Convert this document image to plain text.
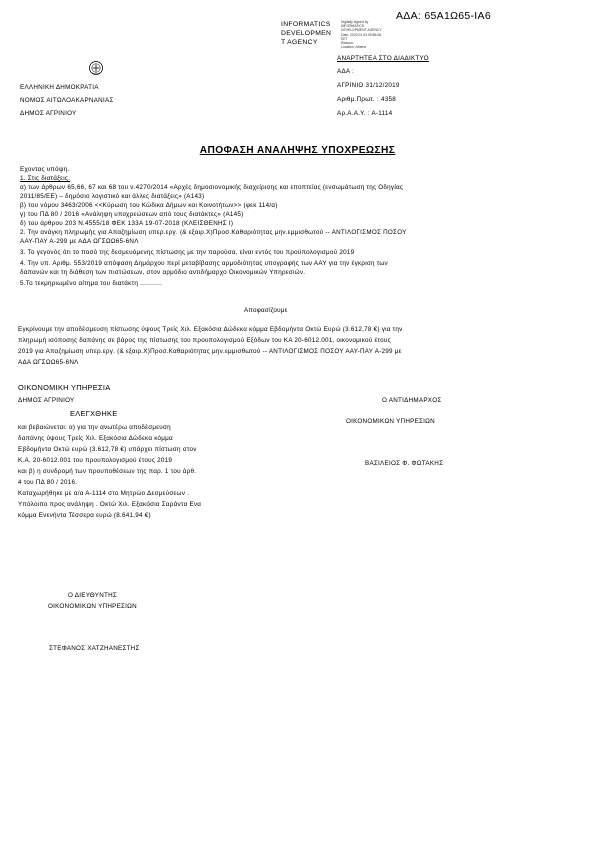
ΑΔΑ: 65Α1Ω65-ΙΑ6
INFORMATICS
DEVELOPMEN
T AGENCY
Digitally signed by
INFORMATICS
DEVELOPMENT AGENCY
Date: 2020.01.03 09:56:06
EET
Reason:
Location: Athens
ΑΝΑΡΤΗΤΕΑ ΣΤΟ ΔΙΑΔΙΚΤΥΟ
ΑΔΑ :
ΕΛΛΗΝΙΚΗ ΔΗΜΟΚΡΑΤΙΑ
ΝΟΜΟΣ ΑΙΤΩΛΟΑΚΑΡΝΑΝΙΑΣ
ΔΗΜΟΣ ΑΓΡΙΝΙΟΥ
ΑΓΡΙΝΙΟ 31/12/2019
Αριθμ.Πρωτ. : 4358
Αρ.Α.Α.Υ. : Α-1114
ΑΠΟΦΑΣΗ ΑΝΑΛΗΨΗΣ ΥΠΟΧΡΕΩΣΗΣ
Εχοντας υπόψη.
1. Στις διατάξεις.
α) των άρθρων 65,66, 67 και 68 του ν.4270/2014 «Αρχές δημοσιονομικής διαχείρισης και εποπτείας (ενσωμάτωση της Οδηγίας
2011/85/ΕΕ) – δημόσιο λογιστικό και άλλες διατάξεις» (Α143)
β) του νόμου 3463/2006 <<Κύρωση του Κώδικα Δήμων και Κοινοτήτων>> (φεκ 114/α)
γ) του ΠΔ 80 / 2016 «Ανάληψη υποχρεώσεων από τους διατάκτες» (Α145)
δ) του άρθρου 203 Ν.4555/18 ΦΕΚ 133Α 19-07-2018 (ΚΛΕΙΣΘΕΝΗΣ Ι)
2. Την ανάγκη πληρωμής για Απαζημίωση υπερ.εργ. (& εξαιρ.Χ)Προσ.Καθαριότητας μην.εμμισθωτού -- ΑΝΤΙΛΟΓΙΣΜΟΣ ΠΟΣΟΥ
ΑΑΥ-ΠΑΥ Α-299 με ΑΔΑ ΩΓΣΩΩ65-6ΝΛ
3. Το γεγονός ότι το ποσό της δεσμευόμενης πίστωσης με την παρούσα, είναι εντός του προϋπολογισμού 2019
4. Την υπ. Αριθμ. 553/2019 απόφαση Δημάρχου περί μεταβίβασης αρμοδιότητας υπογραφής των ΑΑΥ για την έγκριση των
δαπανών και τη διάθεση των πιστώσεων, στον αρμόδιο αντιδήμαρχο Οικονομικών Υπηρεσιών.
5.Το τεκμηριωμένο αίτημα του διατάκτη ...........
Αποφασίζουμε
Εγκρίνουμε την αποδέσμευση πίστωσης ύψους Τρείς Χιλ. Εξακόσια Δώδεκα κόμμα Εβδομήντα Οκτώ Ευρώ (3.612,78 €) για την
πληρωμή ισόποσης δαπάνης σε βάρος της πίστωσης του προυπολογισμού Εξόδων του ΚΑ 20-6012.001, οικονομικού έτους
2019 για Απαζημίωση υπερ.εργ. (& εξαιρ.Χ)Προσ.Καθαριότητας μην.εμμισθωτού -- ΑΝΤΙΛΟΓΙΣΜΟΣ ΠΟΣΟΥ ΑΑΥ-ΠΑΥ Α-299 με
ΑΔΑ ΩΓΣΩΩ65-6ΝΛ
ΟΙΚΟΝΟΜΙΚΗ ΥΠΗΡΕΣΙΑ
ΔΗΜΟΣ ΑΓΡΙΝΙΟΥ
ΕΛΕΓΧΘΗΚΕ
και βεβαιώνεται: α) για την ανωτέρω αποδέσμευση
δαπάνης ύψους Τρείς Χιλ. Εξακόσια Δώδεκα κόμμα
Εβδομήντα Οκτώ ευρώ (3.612,78 €) υπάρχει πίστωση στον
Κ.Α. 20-6012.001 του προυπολογισμού έτους 2019
και β) η συνδρομή των προυποθέσεων της παρ. 1 του άρθ.
4 του ΠΔ 80 / 2016.
Καταχωρήθηκε με α/α Α-1114 στο Μητρώο Δεσμεύσεων .
Υπόλοιπο προς ανάληψη . Οκτώ Χιλ. Εξακόσια Σαράντα Ενα
κόμμα Ενενήντα Τέσσερα ευρώ (8.641,94 €)
Ο ΑΝΤΙΔΗΜΑΡΧΟΣ
ΟΙΚΟΝΟΜΙΚΩΝ ΥΠΗΡΕΣΙΩΝ
ΒΑΣΙΛΕΙΟΣ Φ. ΦΩΤΑΚΗΣ
Ο ΔΙΕΥΘΥΝΤΗΣ
ΟΙΚΟΝΟΜΙΚΩΝ ΥΠΗΡΕΣΙΩΝ
ΣΤΕΦΑΝΟΣ ΧΑΤΖΗΑΝΕΣΤΗΣ
